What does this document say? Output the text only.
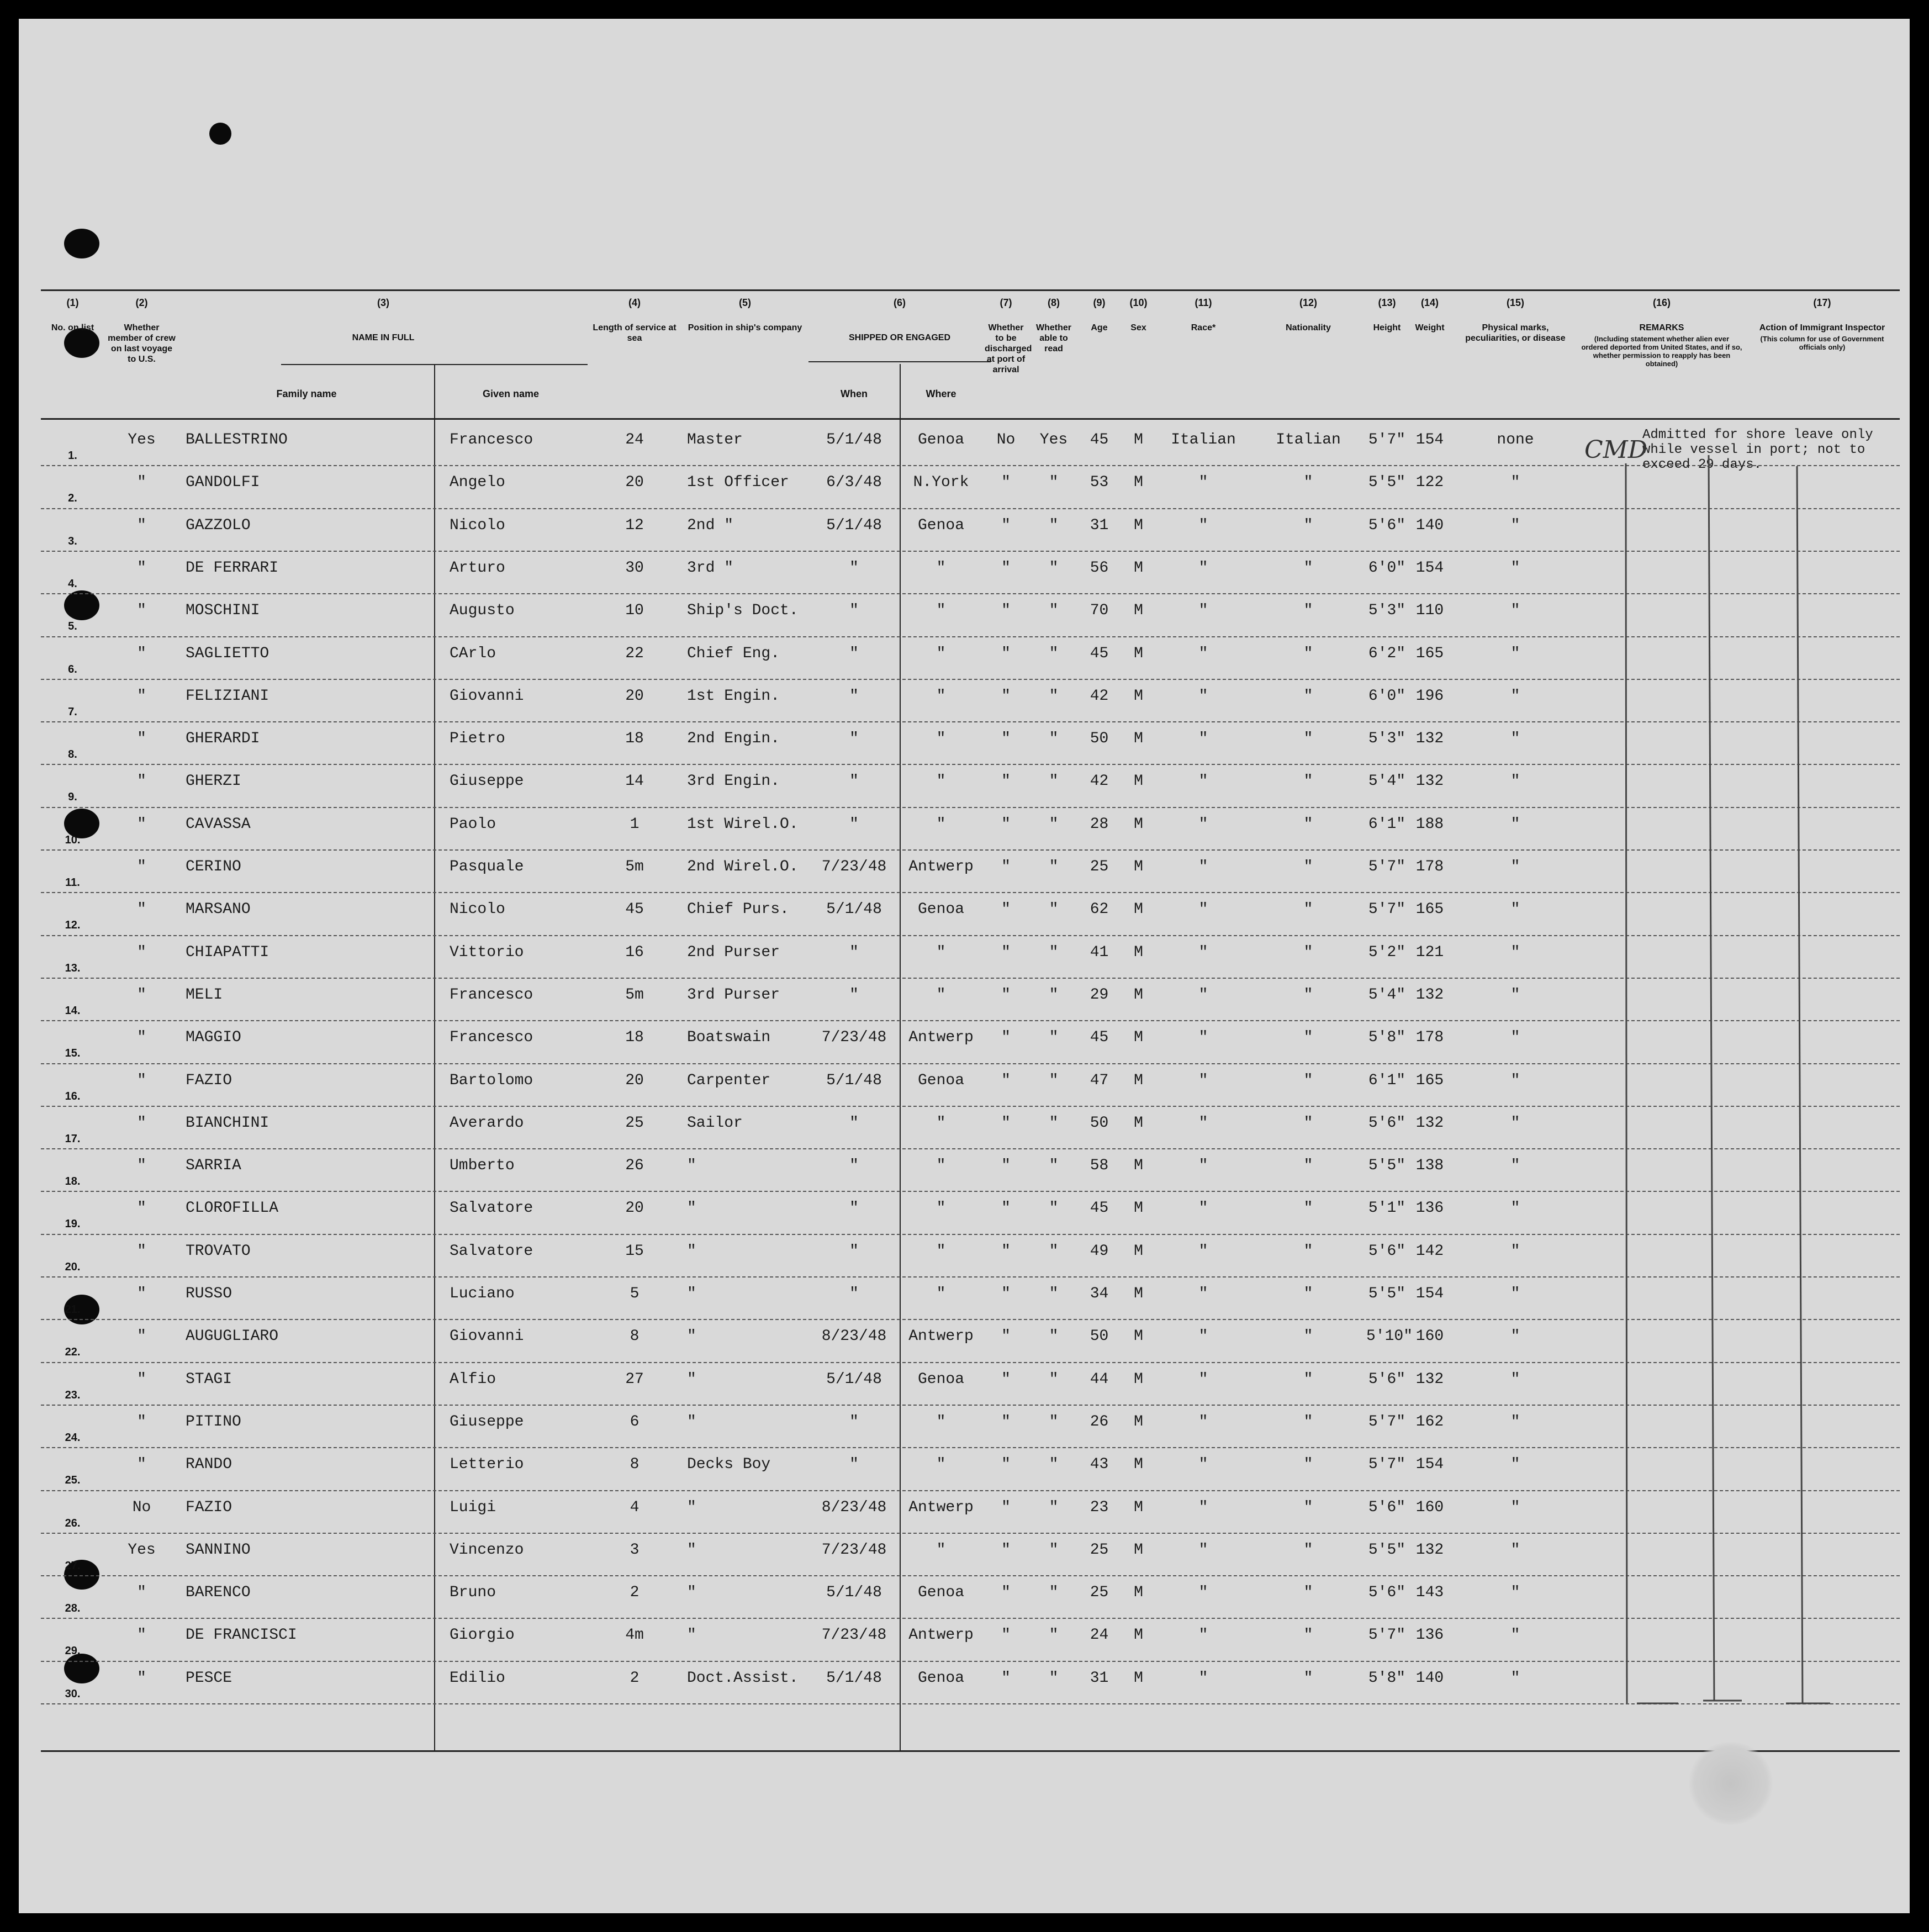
(1)
No. on list
(2)
Whether member of crew on last voyage to U.S.
(3)
NAME IN FULL
(4)
Length of service at sea
(5)
Position in ship's company
(6)
SHIPPED OR ENGAGED
(7)
Whether to be discharged at port of arrival
(8)
Whether able to read
(9)
Age
(10)
Sex
(11)
Race*
(12)
Nationality
(13)
Height
(14)
Weight
(15)
Physical marks, peculiarities, or disease
(16)
REMARKS
(Including statement whether alien ever ordered deported from United States, and if so, whether permission to reapply has been obtained)
(17)
Action of Immigrant Inspector
(This column for use of Government officials only)
Family name	Given name	When	Where
1.
Yes	BALLESTRINO	Francesco	24	Master	5/1/48	Genoa	No	Yes	45	M	Italian	Italian	5'7" 154	none
2.
"	GANDOLFI	Angelo	20	1st Officer	6/3/48	N.York	"	"	53	M	"	"	5'5" 122	"
3.
"	GAZZOLO	Nicolo	12	2nd "	5/1/48	Genoa	"	"	31	M	"	"	5'6" 140	"
4.
"	DE FERRARI	Arturo	30	3rd "	"	"	"	"	56	M	"	"	6'0" 154	"
5.
"	MOSCHINI	Augusto	10	Ship's Doct.	"	"	"	"	70	M	"	"	5'3" 110	"
6.
"	SAGLIETTO	CArlo	22	Chief Eng.	"	"	"	"	45	M	"	"	6'2" 165	"
7.
"	FELIZIANI	Giovanni	20	1st Engin.	"	"	"	"	42	M	"	"	6'0" 196	"
8.
"	GHERARDI	Pietro	18	2nd Engin.	"	"	"	"	50	M	"	"	5'3" 132	"
9.
"	GHERZI	Giuseppe	14	3rd Engin.	"	"	"	"	42	M	"	"	5'4" 132	"
10.
"	CAVASSA	Paolo	1	1st Wirel.O.	"	"	"	"	28	M	"	"	6'1" 188	"
11.
"	CERINO	Pasquale	5m	2nd Wirel.O.	7/23/48	Antwerp	"	"	25	M	"	"	5'7" 178	"
12.
"	MARSANO	Nicolo	45	Chief Purs.	5/1/48	Genoa	"	"	62	M	"	"	5'7" 165	"
13.
"	CHIAPATTI	Vittorio	16	2nd Purser	"	"	"	"	41	M	"	"	5'2" 121	"
14.
"	MELI	Francesco	5m	3rd Purser	"	"	"	"	29	M	"	"	5'4" 132	"
15.
"	MAGGIO	Francesco	18	Boatswain	7/23/48	Antwerp	"	"	45	M	"	"	5'8" 178	"
16.
"	FAZIO	Bartolomo	20	Carpenter	5/1/48	Genoa	"	"	47	M	"	"	6'1" 165	"
17.
"	BIANCHINI	Averardo	25	Sailor	"	"	"	"	50	M	"	"	5'6" 132	"
18.
"	SARRIA	Umberto	26	"	"	"	"	"	58	M	"	"	5'5" 138	"
19.
"	CLOROFILLA	Salvatore	20	"	"	"	"	"	45	M	"	"	5'1" 136	"
20.
"	TROVATO	Salvatore	15	"	"	"	"	"	49	M	"	"	5'6" 142	"
21.
"	RUSSO	Luciano	5	"	"	"	"	"	34	M	"	"	5'5" 154	"
22.
"	AUGUGLIARO	Giovanni	8	"	8/23/48	Antwerp	"	"	50	M	"	"	5'10" 160	"
23.
"	STAGI	Alfio	27	"	5/1/48	Genoa	"	"	44	M	"	"	5'6" 132	"
24.
"	PITINO	Giuseppe	6	"	"	"	"	"	26	M	"	"	5'7" 162	"
25.
"	RANDO	Letterio	8	Decks Boy	"	"	"	"	43	M	"	"	5'7" 154	"
26.
No	FAZIO	Luigi	4	"	8/23/48	Antwerp	"	"	23	M	"	"	5'6" 160	"
27.
Yes	SANNINO	Vincenzo	3	"	7/23/48	"	"	"	25	M	"	"	5'5" 132	"
28.
"	BARENCO	Bruno	2	"	5/1/48	Genoa	"	"	25	M	"	"	5'6" 143	"
29.
"	DE FRANCISCI	Giorgio	4m	"	7/23/48	Antwerp	"	"	24	M	"	"	5'7" 136	"
30.
"	PESCE	Edilio	2	Doct.Assist.	5/1/48	Genoa	"	"	31	M	"	"	5'8" 140	"
Admitted for shore leave only while vessel in port; not to exceed 29 days.
CMD
